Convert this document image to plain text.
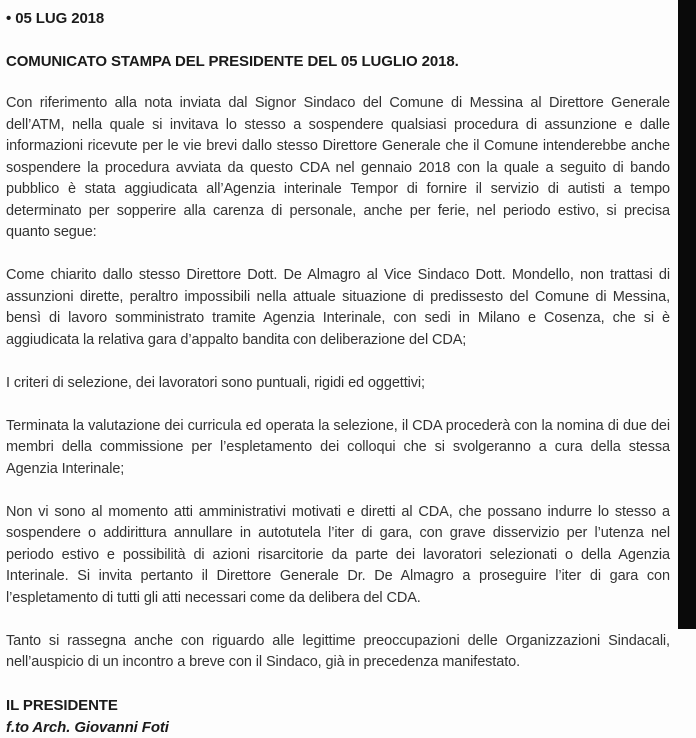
• 05 LUG 2018
COMUNICATO STAMPA DEL PRESIDENTE DEL 05 LUGLIO 2018.

Con riferimento alla nota inviata dal Signor Sindaco del Comune di Messina al Direttore Generale dell’ATM, nella quale si invitava lo stesso a sospendere qualsiasi procedura di assunzione e dalle informazioni ricevute per le vie brevi dallo stesso Direttore Generale che il Comune intenderebbe anche sospendere la procedura avviata da questo CDA nel gennaio 2018 con la quale a seguito di bando pubblico è stata aggiudicata all’Agenzia interinale Tempor di fornire il servizio di autisti a tempo determinato per sopperire alla carenza di personale, anche per ferie, nel periodo estivo, si precisa quanto segue:

Come chiarito dallo stesso Direttore Dott. De Almagro al Vice Sindaco Dott. Mondello, non trattasi di assunzioni dirette, peraltro impossibili nella attuale situazione di predissesto del Comune di Messina, bensì di lavoro somministrato tramite Agenzia Interinale, con sedi in Milano e Cosenza, che si è aggiudicata la relativa gara d’appalto bandita con deliberazione del CDA;

I criteri di selezione, dei lavoratori sono puntuali, rigidi ed oggettivi;

Terminata la valutazione dei curricula ed operata la selezione, il CDA procederà con la nomina di due dei membri della commissione per l’espletamento dei colloqui che si svolgeranno a cura della stessa Agenzia Interinale;

Non vi sono al momento atti amministrativi motivati e diretti al CDA, che possano indurre lo stesso a sospendere o addirittura annullare in autotutela l’iter di gara, con grave disservizio per l’utenza nel periodo estivo e possibilità di azioni risarcitorie da parte dei lavoratori selezionati o della Agenzia Interinale. Si invita pertanto il Direttore Generale Dr. De Almagro a proseguire l’iter di gara con l’espletamento di tutti gli atti necessari come da delibera del CDA.

Tanto si rassegna anche con riguardo alle legittime preoccupazioni delle Organizzazioni Sindacali, nell’auspicio di un incontro a breve con il Sindaco, già in precedenza manifestato.

IL PRESIDENTE
f.to Arch. Giovanni Foti
